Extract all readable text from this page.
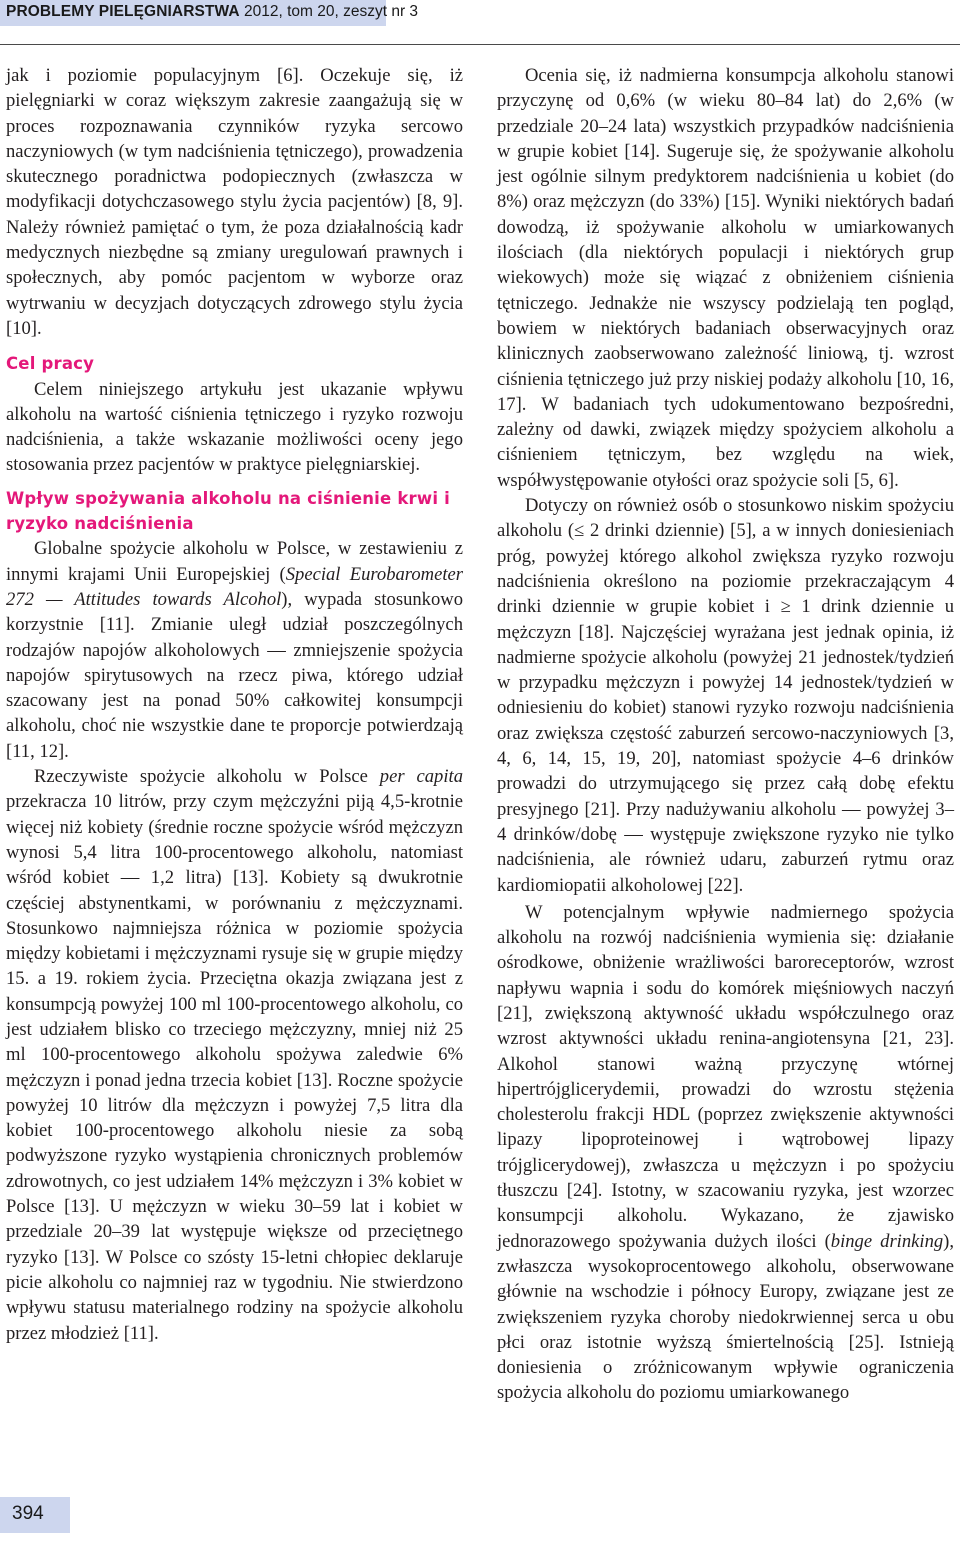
PROBLEMY PIELĘGNIARSTWA 2012, tom 20, zeszyt nr 3

jak i poziomie populacyjnym [6]. Oczekuje się, iż pielęgniarki w coraz większym zakresie zaangażują się w proces rozpoznawania czynników ryzyka sercowo naczyniowych (w tym nadciśnienia tętniczego), prowadzenia skutecznego poradnictwa podopiecznych (zwłaszcza w modyfikacji dotychczasowego stylu życia pacjentów) [8, 9]. Należy również pamiętać o tym, że poza działalnością kadr medycznych niezbędne są zmiany uregulowań prawnych i społecznych, aby pomóc pacjentom w wyborze oraz wytrwaniu w decyzjach dotyczących zdrowego stylu życia [10].

Cel pracy

Celem niniejszego artykułu jest ukazanie wpływu alkoholu na wartość ciśnienia tętniczego i ryzyko rozwoju nadciśnienia, a także wskazanie możliwości oceny jego stosowania przez pacjentów w praktyce pielęgniarskiej.

Wpływ spożywania alkoholu na ciśnienie krwi i ryzyko nadciśnienia

Globalne spożycie alkoholu w Polsce, w zestawieniu z innymi krajami Unii Europejskiej (Special Eurobarometer 272 — Attitudes towards Alcohol), wypada stosunkowo korzystnie [11]. Zmianie uległ udział poszczególnych rodzajów napojów alkoholowych — zmniejszenie spożycia napojów spirytusowych na rzecz piwa, którego udział szacowany jest na ponad 50% całkowitej konsumpcji alkoholu, choć nie wszystkie dane te proporcje potwierdzają [11, 12].

Rzeczywiste spożycie alkoholu w Polsce per capita przekracza 10 litrów, przy czym mężczyźni piją 4,5-krotnie więcej niż kobiety (średnie roczne spożycie wśród mężczyzn wynosi 5,4 litra 100-procentowego alkoholu, natomiast wśród kobiet — 1,2 litra) [13]. Kobiety są dwukrotnie częściej abstynentkami, w porównaniu z mężczyznami. Stosunkowo najmniejsza różnica w poziomie spożycia między kobietami i mężczyznami rysuje się w grupie między 15. a 19. rokiem życia. Przeciętna okazja związana jest z konsumpcją powyżej 100 ml 100-procentowego alkoholu, co jest udziałem blisko co trzeciego mężczyzny, mniej niż 25 ml 100-procentowego alkoholu spożywa zaledwie 6% mężczyzn i ponad jedna trzecia kobiet [13]. Roczne spożycie powyżej 10 litrów dla mężczyzn i powyżej 7,5 litra dla kobiet 100-procentowego alkoholu niesie za sobą podwyższone ryzyko wystąpienia chronicznych problemów zdrowotnych, co jest udziałem 14% mężczyzn i 3% kobiet w Polsce [13]. U mężczyzn w wieku 30–59 lat i kobiet w przedziale 20–39 lat występuje większe od przeciętnego ryzyko [13]. W Polsce co szósty 15-letni chłopiec deklaruje picie alkoholu co najmniej raz w tygodniu. Nie stwierdzono wpływu statusu materialnego rodziny na spożycie alkoholu przez młodzież [11].

Ocenia się, iż nadmierna konsumpcja alkoholu stanowi przyczynę od 0,6% (w wieku 80–84 lat) do 2,6% (w przedziale 20–24 lata) wszystkich przypadków nadciśnienia w grupie kobiet [14]. Sugeruje się, że spożywanie alkoholu jest ogólnie silnym predyktorem nadciśnienia u kobiet (do 8%) oraz mężczyzn (do 33%) [15]. Wyniki niektórych badań dowodzą, iż spożywanie alkoholu w umiarkowanych ilościach (dla niektórych populacji i niektórych grup wiekowych) może się wiązać z obniżeniem ciśnienia tętniczego. Jednakże nie wszyscy podzielają ten pogląd, bowiem w niektórych badaniach obserwacyjnych oraz klinicznych zaobserwowano zależność liniową, tj. wzrost ciśnienia tętniczego już przy niskiej podaży alkoholu [10, 16, 17]. W badaniach tych udokumentowano bezpośredni, zależny od dawki, związek między spożyciem alkoholu a ciśnieniem tętniczym, bez względu na wiek, współwystępowanie otyłości oraz spożycie soli [5, 6].

Dotyczy on również osób o stosunkowo niskim spożyciu alkoholu (≤ 2 drinki dziennie) [5], a w innych doniesieniach próg, powyżej którego alkohol zwiększa ryzyko rozwoju nadciśnienia określono na poziomie przekraczającym 4 drinki dziennie w grupie kobiet i ≥ 1 drink dziennie u mężczyzn [18]. Najczęściej wyrażana jest jednak opinia, iż nadmierne spożycie alkoholu (powyżej 21 jednostek/tydzień w przypadku mężczyzn i powyżej 14 jednostek/tydzień w odniesieniu do kobiet) stanowi ryzyko rozwoju nadciśnienia oraz zwiększa częstość zaburzeń sercowo-naczyniowych [3, 4, 6, 14, 15, 19, 20], natomiast spożycie 4–6 drinków prowadzi do utrzymującego się przez całą dobę efektu presyjnego [21]. Przy nadużywaniu alkoholu — powyżej 3–4 drinków/dobę — występuje zwiększone ryzyko nie tylko nadciśnienia, ale również udaru, zaburzeń rytmu oraz kardiomiopatii alkoholowej [22].

W potencjalnym wpływie nadmiernego spożycia alkoholu na rozwój nadciśnienia wymienia się: działanie ośrodkowe, obniżenie wrażliwości baroreceptorów, wzrost napływu wapnia i sodu do komórek mięśniowych naczyń [21], zwiększoną aktywność układu współczulnego oraz wzrost aktywności układu renina-angiotensyna [21, 23]. Alkohol stanowi ważną przyczynę wtórnej hipertrójglicerydemii, prowadzi do wzrostu stężenia cholesterolu frakcji HDL (poprzez zwiększenie aktywności lipazy lipoproteinowej i wątrobowej lipazy trójglicerydowej), zwłaszcza u mężczyzn i po spożyciu tłuszczu [24]. Istotny, w szacowaniu ryzyka, jest wzorzec konsumpcji alkoholu. Wykazano, że zjawisko jednorazowego spożywania dużych ilości (binge drinking), zwłaszcza wysokoprocentowego alkoholu, obserwowane głównie na wschodzie i północy Europy, związane jest ze zwiększeniem ryzyka choroby niedokrwiennej serca u obu płci oraz istotnie wyższą śmiertelnością [25]. Istnieją doniesienia o zróżnicowanym wpływie ograniczenia spożycia alkoholu do poziomu umiarkowanego

394
